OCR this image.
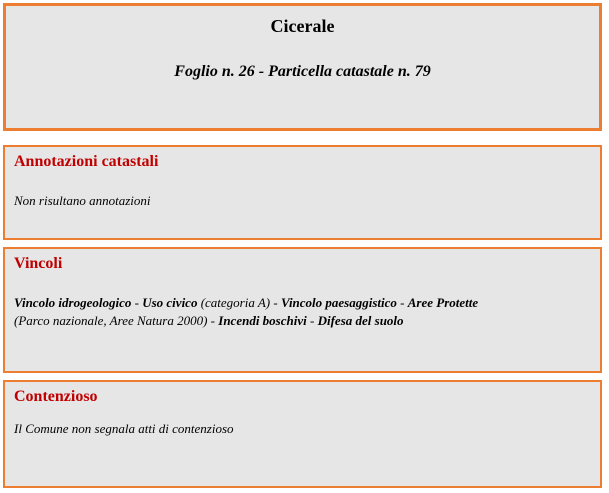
Cicerale

Foglio n. 26 - Particella catastale n. 79

Annotazioni catastali

Non risultano annotazioni

Vincoli

Vincolo idrogeologico - Uso civico (categoria A) - Vincolo paesaggistico - Aree Protette
(Parco nazionale, Aree Natura 2000) - Incendi boschivi - Difesa del suolo

Contenzioso

Il Comune non segnala atti di contenzioso
